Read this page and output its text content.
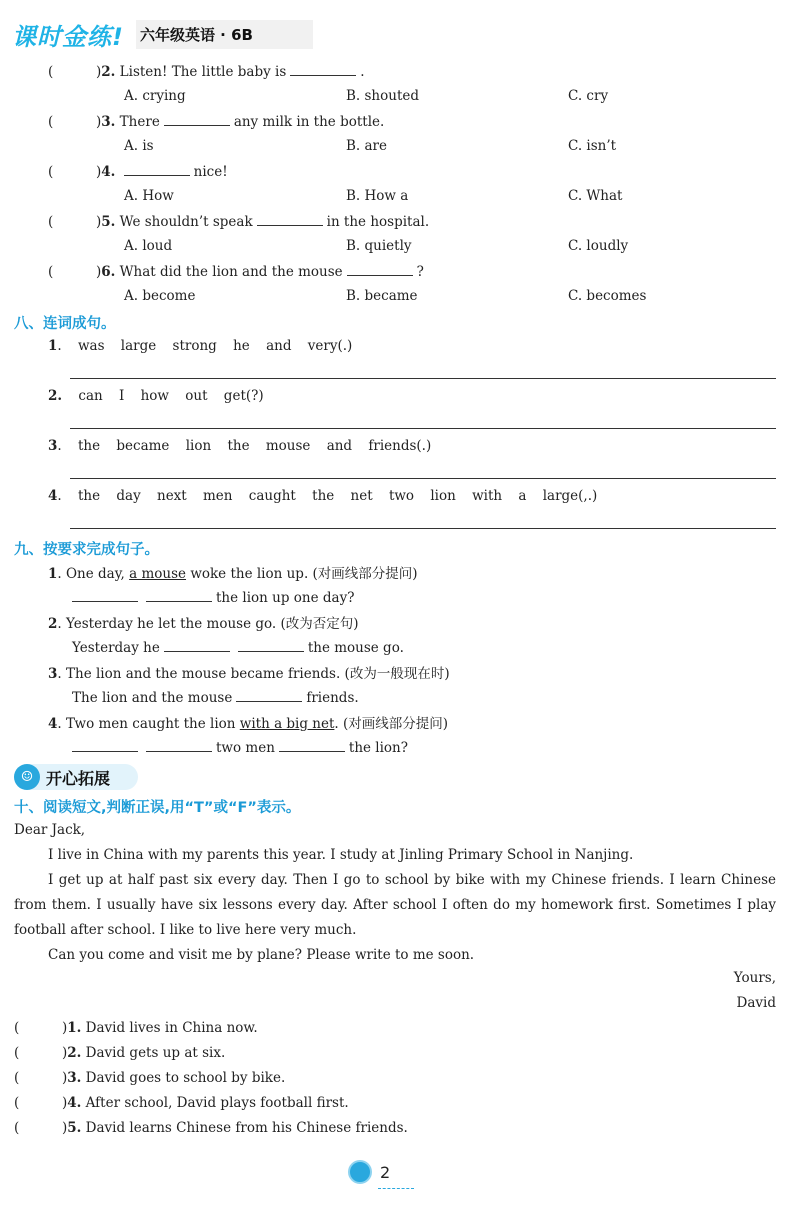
课时金练! 六年级英语 · 6B
(	)2. Listen! The little baby is	.
A. crying	B. shouted	C. cry
(	)3. There	any milk in the bottle.
A. is	B. are	C. isn’t
(	)4.	nice!
A. How	B. How a	C. What
(	)5. We shouldn’t speak	in the hospital.
A. loud	B. quietly	C. loudly
(	)6. What did the lion and the mouse	?
A. become	B. became	C. becomes
八、连词成句。
1. was large strong he and very(.)
2. can I how out get(?)
3. the became lion the mouse and friends(.)
4. the day next men caught the net two lion with a large(,.)
九、按要求完成句子。
1. One day, a mouse woke the lion up. (对画线部分提问)
the lion up one day?
2. Yesterday he let the mouse go. (改为否定句)
Yesterday he	the mouse go.
3. The lion and the mouse became friends. (改为一般现在时)
The lion and the mouse	friends.
4. Two men caught the lion with a big net. (对画线部分提问)
two men	the lion?
☺ 开心拓展
十、阅读短文,判断正误,用“T”或“F”表示。
Dear Jack,
I live in China with my parents this year. I study at Jinling Primary School in Nanjing.
I get up at half past six every day. Then I go to school by bike with my Chinese friends. I learn Chinese from them. I usually have six lessons every day. After school I often do my homework first. Sometimes I play football after school. I like to live here very much.
Can you come and visit me by plane? Please write to me soon.
Yours,
David
(	)1. David lives in China now.
(	)2. David gets up at six.
(	)3. David goes to school by bike.
(	)4. After school, David plays football first.
(	)5. David learns Chinese from his Chinese friends.
2
